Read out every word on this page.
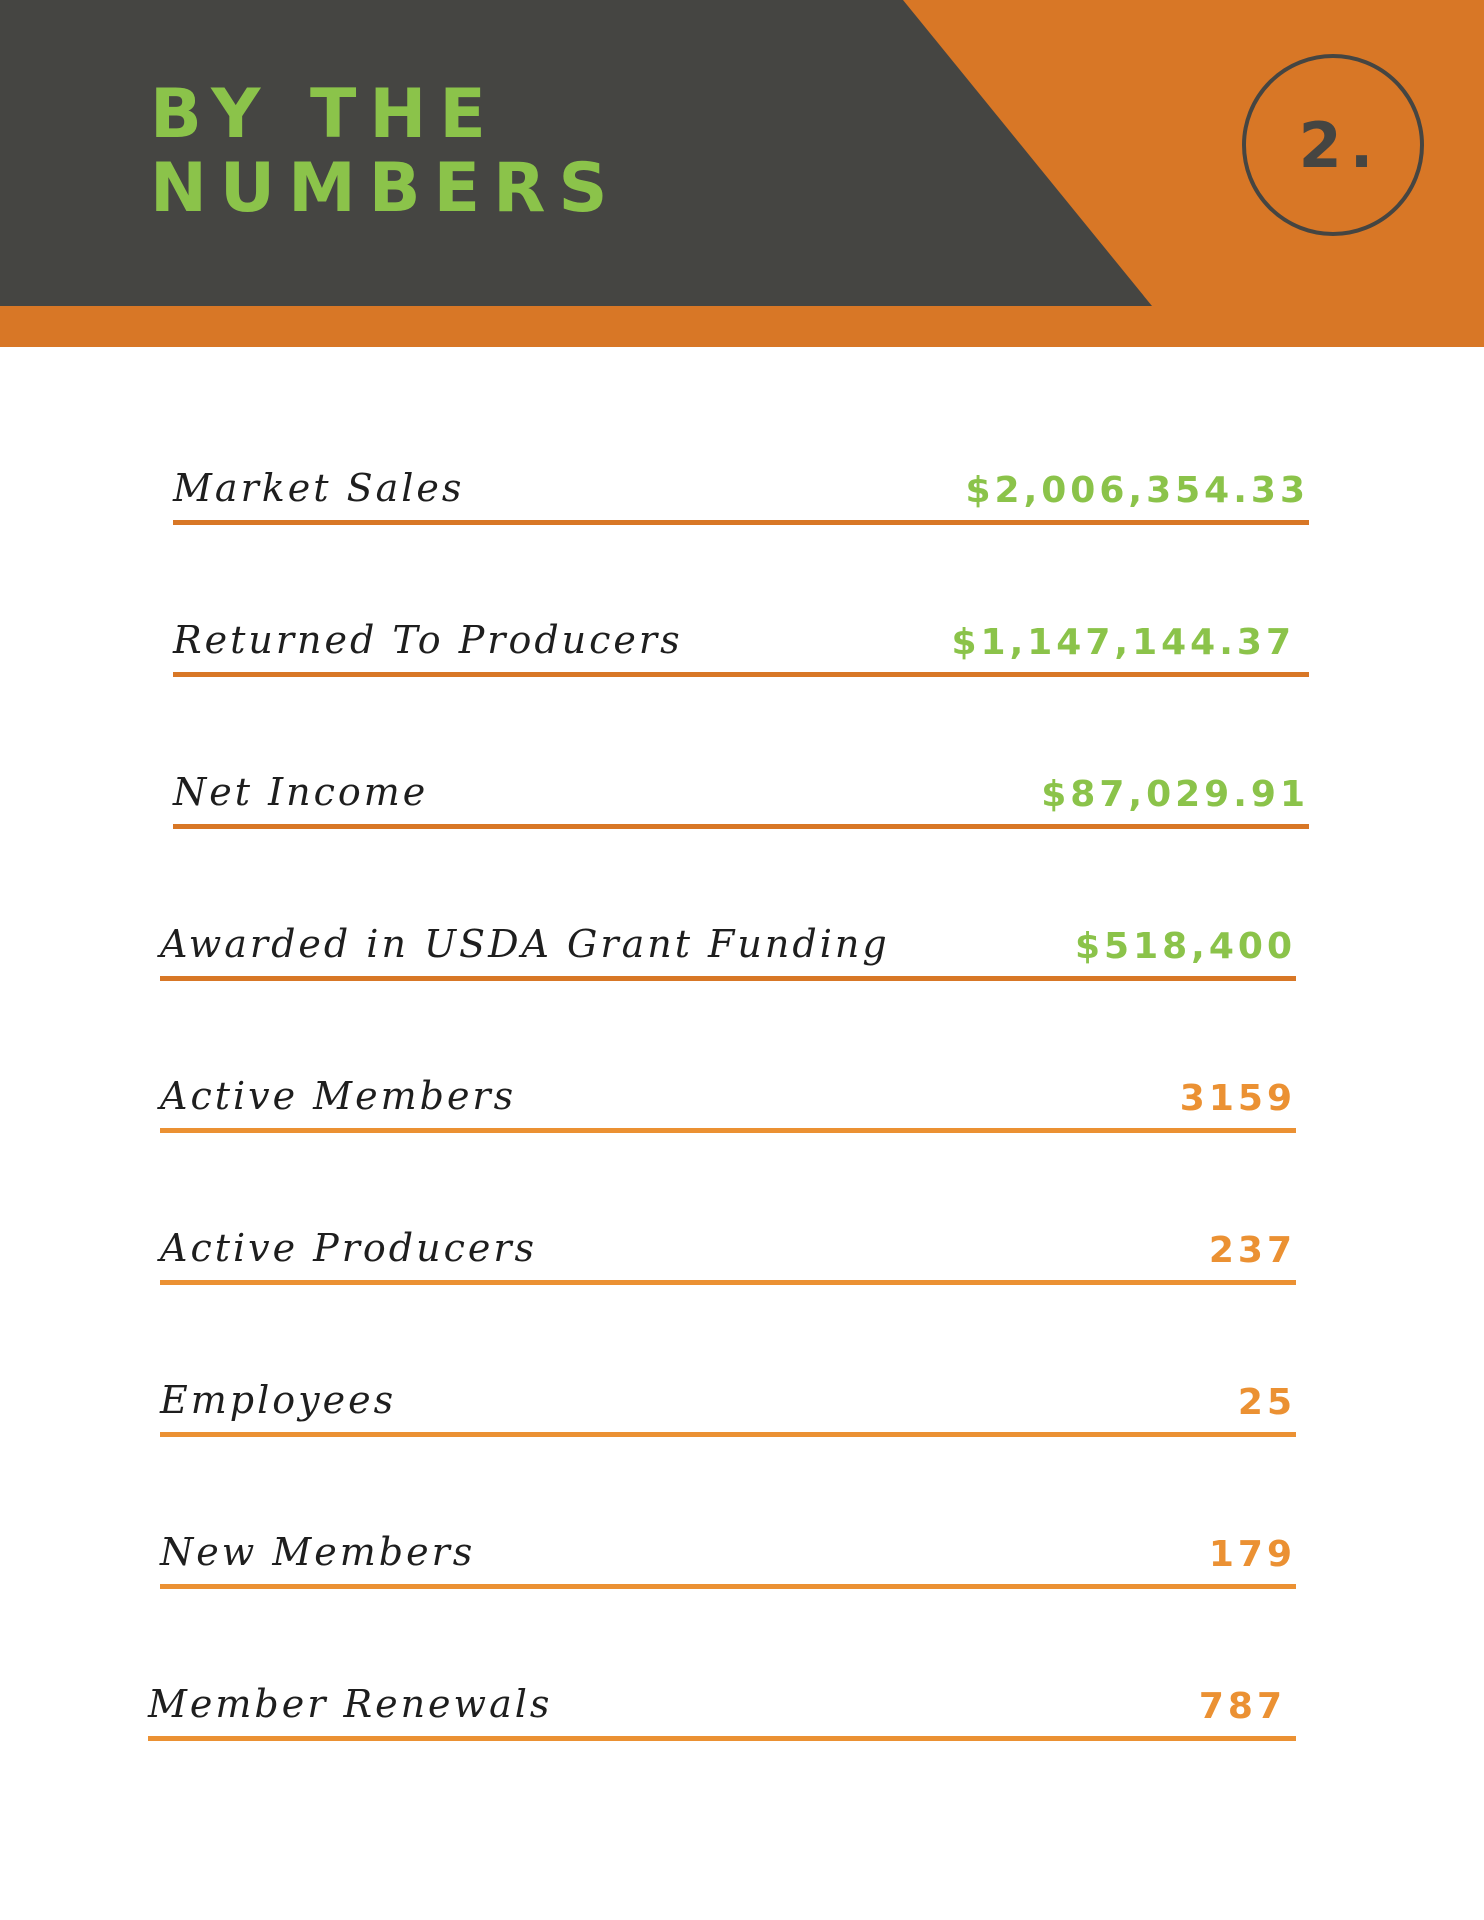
BY THE
NUMBERS
2.
Market Sales	$2,006,354.33
Returned To Producers	$1,147,144.37
Net Income	$87,029.91
Awarded in USDA Grant Funding	$518,400
Active Members	3159
Active Producers	237
Employees	25
New Members	179
Member Renewals	787
